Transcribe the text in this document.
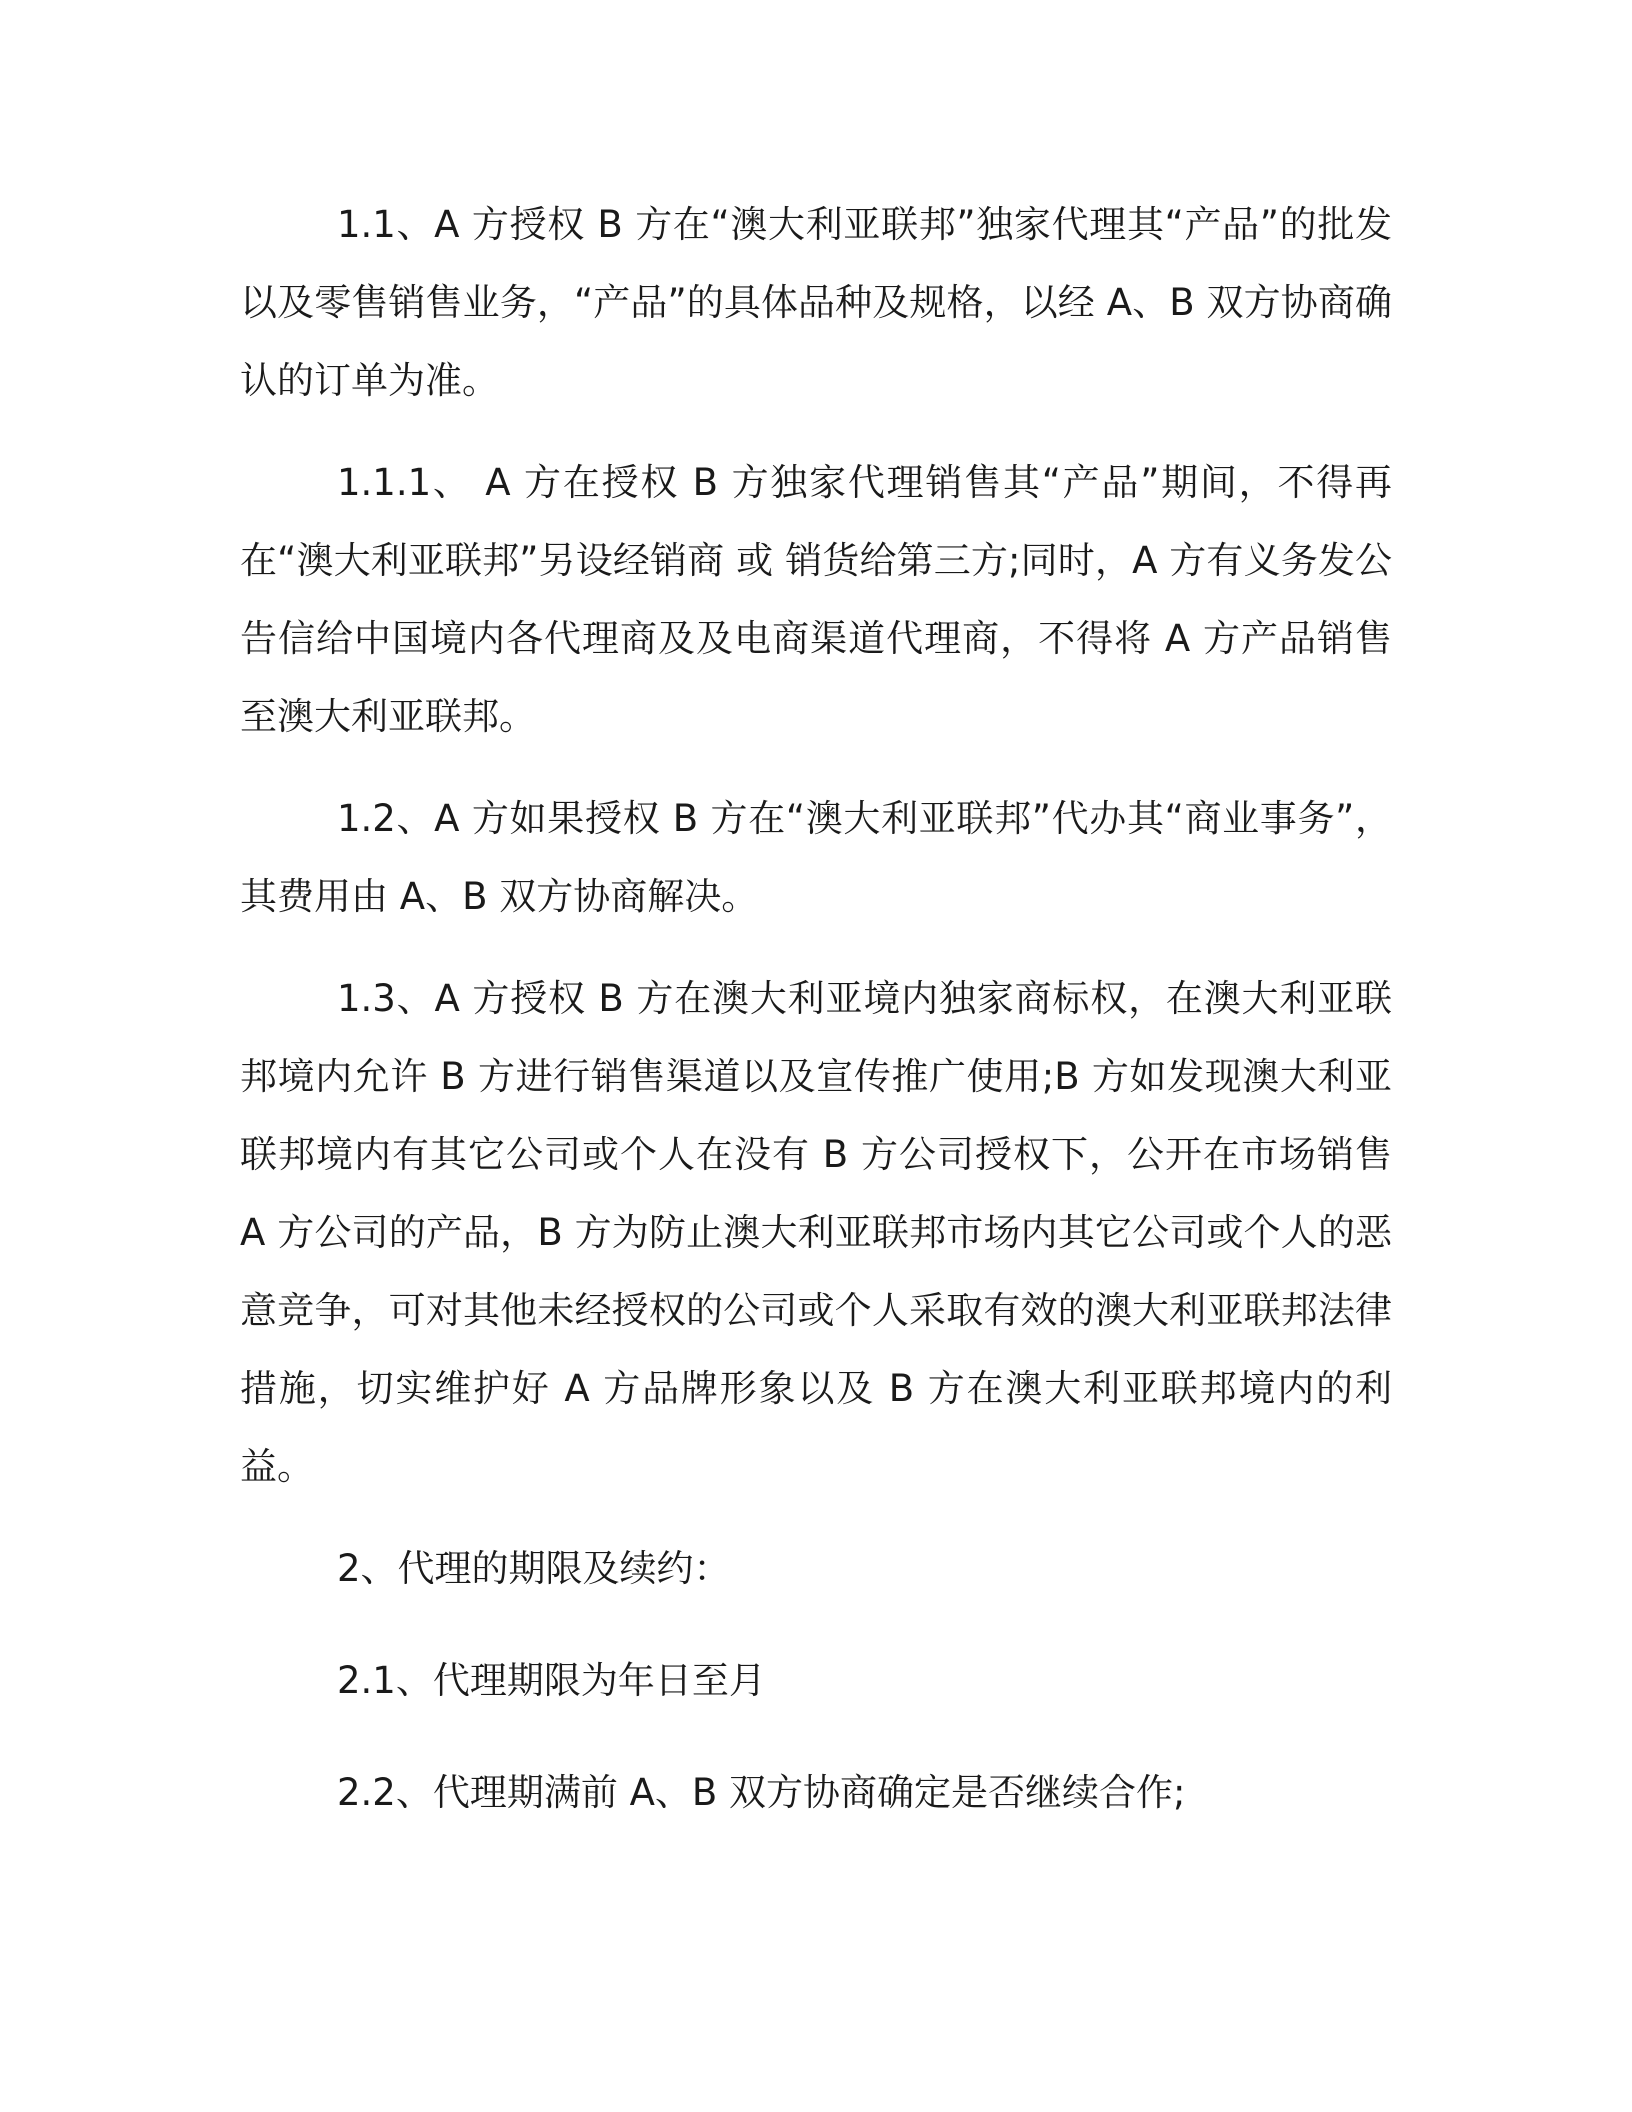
1.1、A 方授权 B 方在“澳大利亚联邦”独家代理其“产品”的批发以及零售销售业务，“产品”的具体品种及规格，以经 A、B 双方协商确认的订单为准。

1.1.1、 A 方在授权 B 方独家代理销售其“产品”期间，不得再在“澳大利亚联邦”另设经销商 或 销货给第三方;同时，A 方有义务发公告信给中国境内各代理商及及电商渠道代理商，不得将 A 方产品销售至澳大利亚联邦。

1.2、A 方如果授权 B 方在“澳大利亚联邦”代办其“商业事务”，其费用由 A、B 双方协商解决。

1.3、A 方授权 B 方在澳大利亚境内独家商标权，在澳大利亚联邦境内允许 B 方进行销售渠道以及宣传推广使用;B 方如发现澳大利亚联邦境内有其它公司或个人在没有 B 方公司授权下，公开在市场销售 A 方公司的产品，B 方为防止澳大利亚联邦市场内其它公司或个人的恶意竞争，可对其他未经授权的公司或个人采取有效的澳大利亚联邦法律措施，切实维护好 A 方品牌形象以及 B 方在澳大利亚联邦境内的利益。

2、代理的期限及续约：

2.1、代理期限为年日至月

2.2、代理期满前 A、B 双方协商确定是否继续合作;
